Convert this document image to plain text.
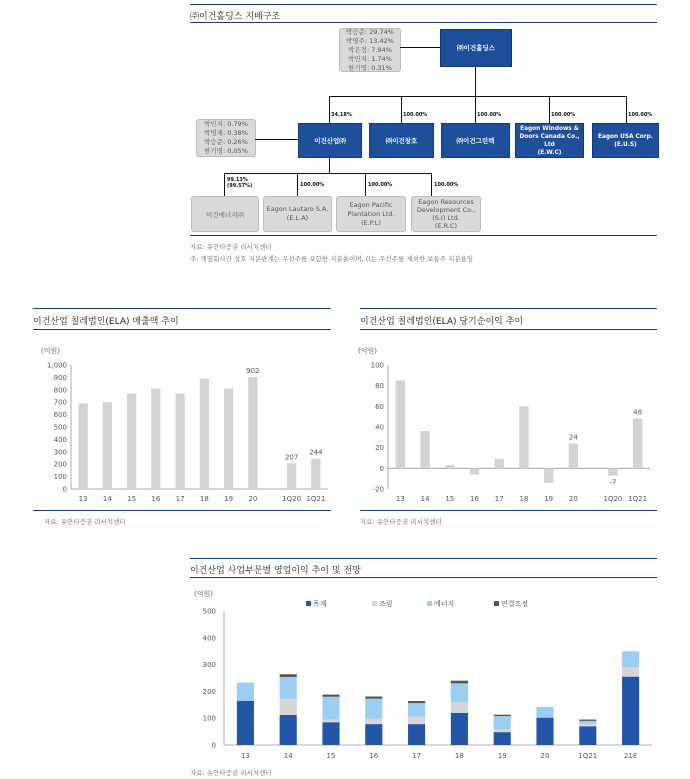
㈜이건홀딩스 지배구조
박승준: 29.74%
박영주: 13.42%
박은정: 7.94%
박민지: 1.74%
한기명: 0.31%
㈜이건홀딩스
34.18%	100.00%	100.00%	100.00%	100.00%
박민지: 0.79%
박영재: 0.38%
박승준: 0.26%
한기명: 0.05%
이건산업㈜	㈜이건창호	㈜이건그린텍
Eagon Windows & Doors Canada Co., Ltd
(E.W.C)
Eagon USA Corp.
(E.U.S)
99.13%
(99.57%)	100.00%	100.00%	100.00%
이건에너지㈜
Eagon Lautaro S.A.
(E.L.A)
Eagon Pacific Plantation Ltd.
(E.P.L)
Eagon Resources Development Co., (S.I) Ltd.
(E.R.C)
자료: 유안타증권 리서치센터
주: 계열회사간 상호 지분관계는 우선주를 포함한 지분율이며, ()는 우선주를 제외한 보통주 지분율임
이건산업 칠레법인(ELA) 매출액 추이
(억원)
0
100
200
300
400
500
600
700
800
900
1,000
13 14 15 16 17 18 19 20
902
1Q20
207
1Q21
244
자료: 유안타증권 리서치센터
이건산업 칠레법인(ELA) 당기순이익 추이
(억원)
-20
0
20
40
60
80
100
13 14 15 16 17 18 19 20
24
1Q20
-7
1Q21
48
자료: 유안타증권 리서치센터
이건산업 사업부문별 영업이익 추이 및 전망
(억원)
0
100
200
300
400
500
목재	조림	에너지	연결조정
13	14	15	16	17	18	19	20	1Q21	21E
자료: 유안타증권 리서치센터
